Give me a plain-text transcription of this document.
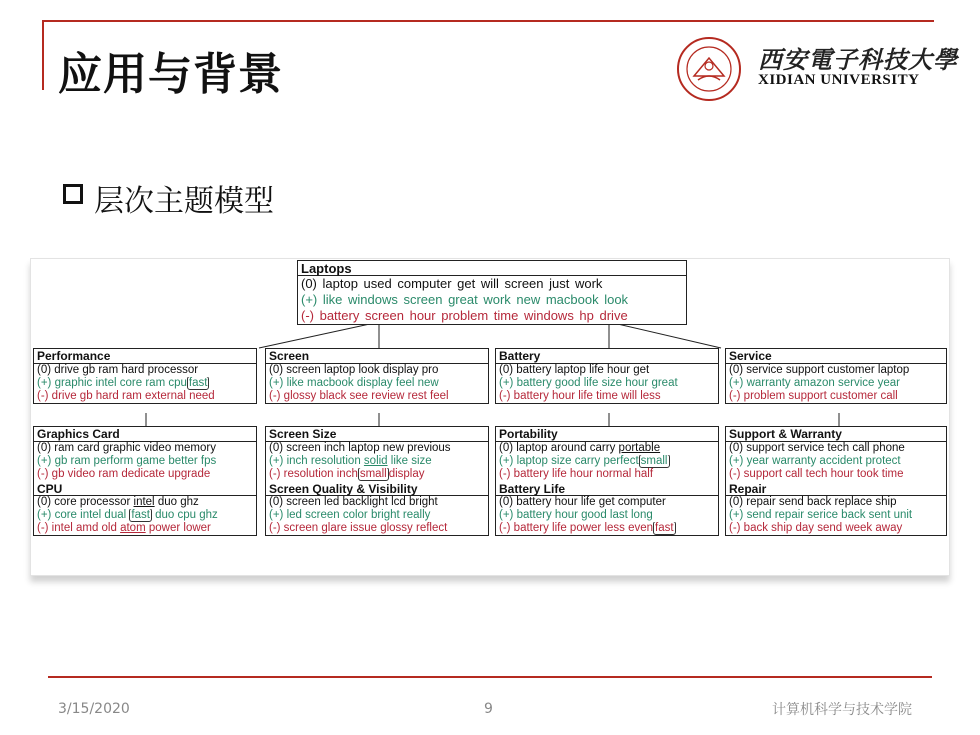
应用与背景	西安電子科技大學
XIDIAN UNIVERSITY
层次主题模型
Laptops
(0) laptop used computer get will screen just work
(+) like windows screen great work new macbook look
(-) battery screen hour problem time windows hp drive
Performance
(0) drive gb ram hard processor
(+) graphic intel core ram cpu fast
(-) drive gb hard ram external need
Graphics Card
(0) ram card graphic video memory
(+) gb ram perform game better fps
(-) gb video ram dedicate upgrade
CPU
(0) core processor intel duo ghz
(+) core intel dual fast duo cpu ghz
(-) intel amd old atom power lower
Screen
(0) screen laptop look display pro
(+) like macbook display feel new
(-) glossy black see review rest feel
Screen Size
(0) screen inch laptop new previous
(+) inch resolution solid like size
(-) resolution inch small display
Screen Quality & Visibility
(0) screen led backlight lcd bright
(+) led screen color bright really
(-) screen glare issue glossy reflect
Battery
(0) battery laptop life hour get
(+) battery good life size hour great
(-) battery hour life time will less
Portability
(0) laptop around carry portable
(+) laptop size carry perfect small
(-) battery life hour normal half
Battery Life
(0) battery hour life get computer
(+) battery hour good last long
(-) battery life power less even fast
Service
(0) service support customer laptop
(+) warranty amazon service year
(-) problem support customer call
Support & Warranty
(0) support service tech call phone
(+) year warranty accident protect
(-) support call tech hour took time
Repair
(0) repair send back replace ship
(+) send repair serice back sent unit
(-) back ship day send week away
3/15/2020	9	计算机科学与技术学院
